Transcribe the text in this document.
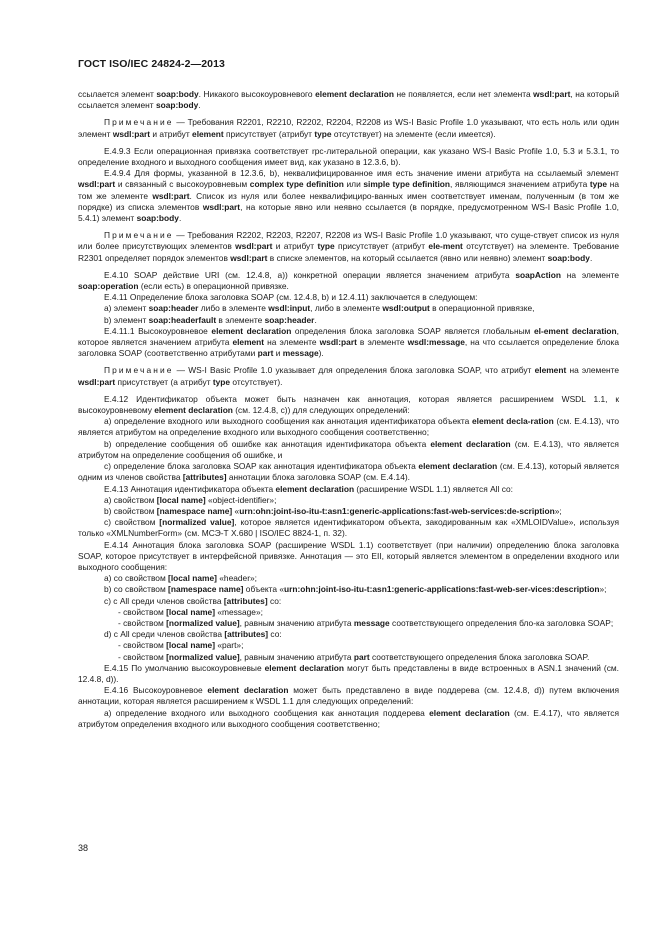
ГОСТ ISO/IEC 24824-2—2013

ссылается элемент soap:body. Никакого высокоуровневого element declaration не появляется, если нет элемента wsdl:part, на который ссылается элемент soap:body.

Примечание — Требования R2201, R2210, R2202, R2204, R2208 из WS-I Basic Profile 1.0 указывают, что есть ноль или один элемент wsdl:part и атрибут element присутствует (атрибут type отсутствует) на элементе (если имеется).

Е.4.9.3 Если операционная привязка соответствует rpc-литеральной операции, как указано WS-I Basic Profile 1.0, 5.3 и 5.3.1, то определение входного и выходного сообщения имеет вид, как указано в 12.3.6, b).

Е.4.9.4 Для формы, указанной в 12.3.6, b), неквалифицированное имя есть значение имени атрибута на ссылаемый элемент wsdl:part и связанный с высокоуровневым complex type definition или simple type definition, являющимся значением атрибута type на том же элементе wsdl:part. Список из нуля или более неквалифициро-ванных имен соответствует именам, полученным (в том же порядке) из списка элементов wsdl:part, на которые явно или неявно ссылается (в порядке, предусмотренном WS-I Basic Profile 1.0, 5.4.1) элемент soap:body.

Примечание — Требования R2202, R2203, R2207, R2208 из WS-I Basic Profile 1.0 указывают, что суще-ствует список из нуля или более присутствующих элементов wsdl:part и атрибут type присутствует (атрибут ele-ment отсутствует) на элементе. Требование R2301 определяет порядок элементов wsdl:part в списке элементов, на который ссылается (явно или неявно) элемент soap:body.

Е.4.10 SOAP действие URI (см. 12.4.8, а)) конкретной операции является значением атрибута soapAction на элементе soap:operation (если есть) в операционной привязке.

Е.4.11 Определение блока заголовка SOAP (см. 12.4.8, b) и 12.4.11) заключается в следующем:

а) элемент soap:header либо в элементе wsdl:input, либо в элементе wsdl:output в операционной привязке,

b) элемент soap:headerfault в элементе soap:header.

Е.4.11.1 Высокоуровневое element declaration определения блока заголовка SOAP является глобальным el-ement declaration, которое является значением атрибута element на элементе wsdl:part в элементе wsdl:message, на что ссылается определение блока заголовка SOAP (соответственно атрибутами part и message).

Примечание — WS-I Basic Profile 1.0 указывает для определения блока заголовка SOAP, что атрибут element на элементе wsdl:part присутствует (а атрибут type отсутствует).

Е.4.12 Идентификатор объекта может быть назначен как аннотация, которая является расширением WSDL 1.1, к высокоуровневому element declaration (см. 12.4.8, с)) для следующих определений:

а) определение входного или выходного сообщения как аннотация идентификатора объекта element decla-ration (см. Е.4.13), что является атрибутом на определение входного или выходного сообщения соответственно;

b) определение сообщения об ошибке как аннотация идентификатора объекта element declaration (см. Е.4.13), что является атрибутом на определение сообщения об ошибке, и

с) определение блока заголовка SOAP как аннотация идентификатора объекта element declaration (см. Е.4.13), который является одним из членов свойства [attributes] аннотации блока заголовка SOAP (см. Е.4.14).

Е.4.13 Аннотация идентификатора объекта element declaration (расширение WSDL 1.1) является All со:

а) свойством [local name] «object-identifier»;

b) свойством [namespace name] «urn:ohn:joint-iso-itu-t:asn1:generic-applications:fast-web-services:de-scription»;

с) свойством [normalized value], которое является идентификатором объекта, закодированным как «XMLOIDValue», используя только «XMLNumberForm» (см. МСЭ-Т Х.680 | ISO/IEC 8824-1, п. 32).

Е.4.14 Аннотация блока заголовка SOAP (расширение WSDL 1.1) соответствует (при наличии) определению блока заголовка SOAP, которое присутствует в интерфейсной привязке. Аннотация — это EII, который является элементом в определении входного или выходного сообщения:

а) со свойством [local name] «header»;

b) со свойством [namespace name] объекта «urn:ohn:joint-iso-itu-t:asn1:generic-applications:fast-web-ser-vices:description»;

с) с All среди членов свойства [attributes] со:

- свойством [local name] «message»;

- свойством [normalized value], равным значению атрибута message соответствующего определения бло-ка заголовка SOAP;

d) с All среди членов свойства [attributes] со:

- свойством [local name] «part»;

- свойством [normalized value], равным значению атрибута part соответствующего определения блока заголовка SOAP.

Е.4.15 По умолчанию высокоуровневые element declaration могут быть представлены в виде встроенных в ASN.1 значений (см. 12.4.8, d)).

Е.4.16 Высокоуровневое element declaration может быть представлено в виде поддерева (см. 12.4.8, d)) путем включения аннотации, которая является расширением к WSDL 1.1 для следующих определений:

а) определение входного или выходного сообщения как аннотация поддерева element declaration (см. Е.4.17), что является атрибутом определения входного или выходного сообщения соответственно;

38
